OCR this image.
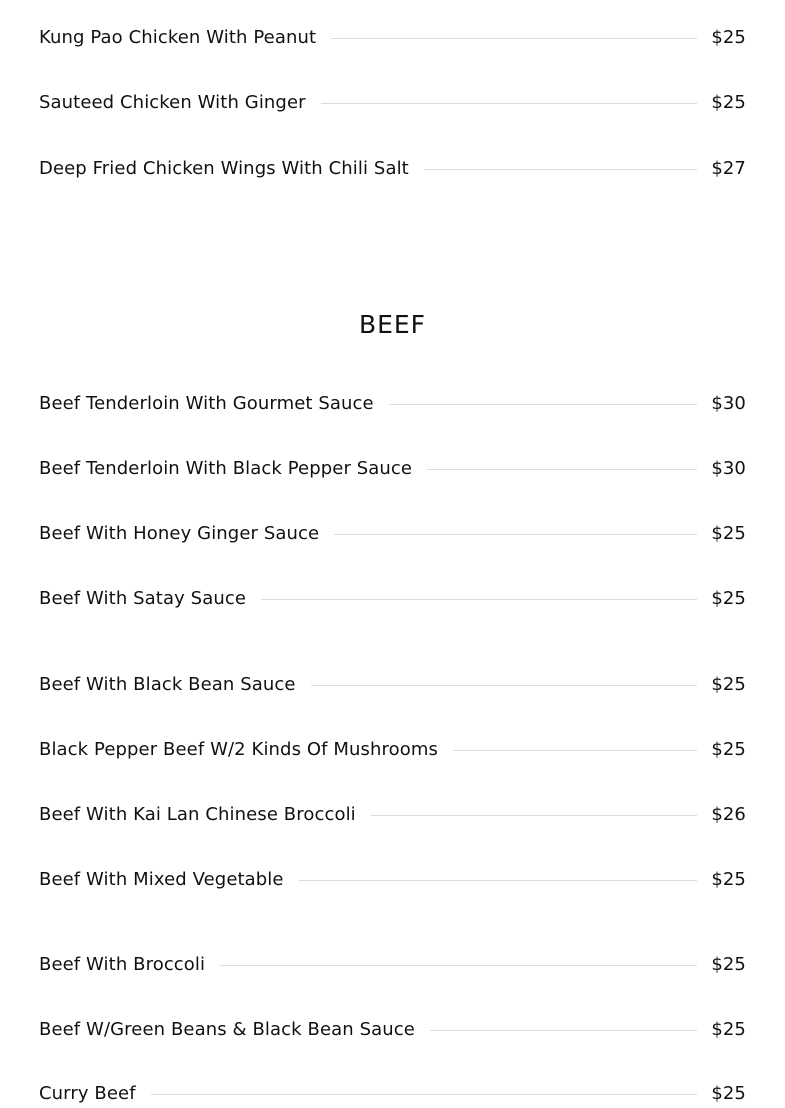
Kung Pao Chicken With Peanut	$25
Sauteed Chicken With Ginger	$25
Deep Fried Chicken Wings With Chili Salt	$27
BEEF
Beef Tenderloin With Gourmet Sauce	$30
Beef Tenderloin With Black Pepper Sauce	$30
Beef With Honey Ginger Sauce	$25
Beef With Satay Sauce	$25
Beef With Black Bean Sauce	$25
Black Pepper Beef W/2 Kinds Of Mushrooms	$25
Beef With Kai Lan Chinese Broccoli	$26
Beef With Mixed Vegetable	$25
Beef With Broccoli	$25
Beef W/Green Beans & Black Bean Sauce	$25
Curry Beef	$25
